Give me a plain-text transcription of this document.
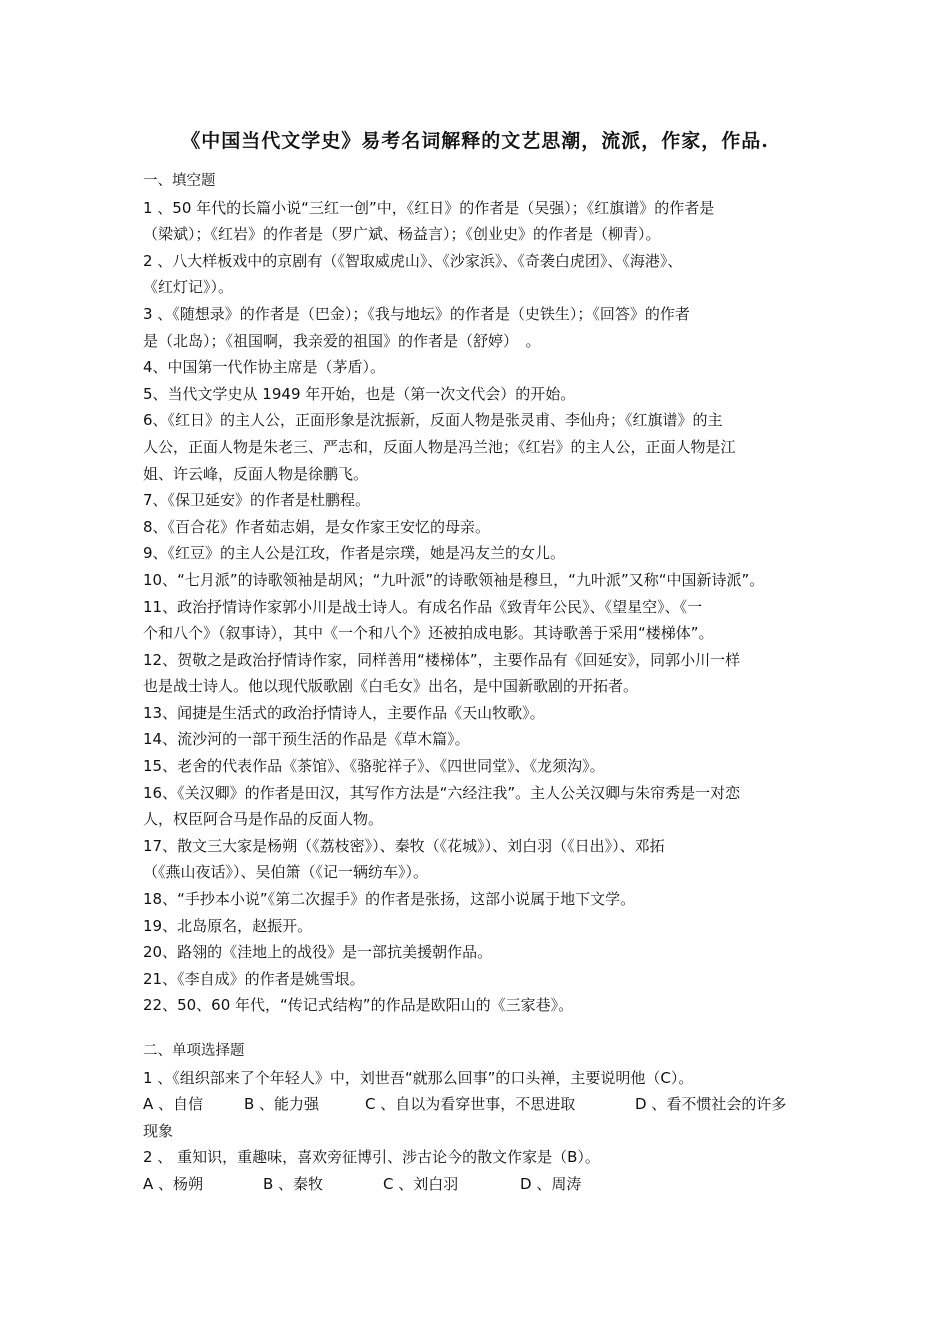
《中国当代文学史》易考名词解释的文艺思潮，流派，作家，作品.
一、填空题
1 、50 年代的长篇小说“三红一创”中，《红日》的作者是（吴强）；《红旗谱》的作者是
（梁斌）；《红岩》的作者是（罗广斌、杨益言）；《创业史》的作者是（柳青）。
2 、八大样板戏中的京剧有（《智取威虎山》、《沙家浜》、《奇袭白虎团》、《海港》、
《红灯记》）。
3 、《随想录》的作者是（巴金）；《我与地坛》的作者是（史铁生）；《回答》的作者
是（北岛）；《祖国啊，我亲爱的祖国》的作者是（舒婷）　。
4、中国第一代作协主席是（茅盾）。
5、当代文学史从 1949 年开始，也是（第一次文代会）的开始。
6、《红日》的主人公，正面形象是沈振新，反面人物是张灵甫、李仙舟；《红旗谱》的主
人公，正面人物是朱老三、严志和，反面人物是冯兰池；《红岩》的主人公，正面人物是江
姐、许云峰，反面人物是徐鹏飞。
7、《保卫延安》的作者是杜鹏程。
8、《百合花》作者茹志娟，是女作家王安忆的母亲。
9、《红豆》的主人公是江玫，作者是宗璞，她是冯友兰的女儿。
10、“七月派”的诗歌领袖是胡风；“九叶派”的诗歌领袖是穆旦，“九叶派”又称“中国新诗派”。
11、政治抒情诗作家郭小川是战士诗人。有成名作品《致青年公民》、《望星空》、《一
个和八个》（叙事诗），其中《一个和八个》还被拍成电影。其诗歌善于采用“楼梯体”。
12、贺敬之是政治抒情诗作家，同样善用“楼梯体”，主要作品有《回延安》，同郭小川一样
也是战士诗人。他以现代版歌剧《白毛女》出名，是中国新歌剧的开拓者。
13、闻捷是生活式的政治抒情诗人，主要作品《天山牧歌》。
14、流沙河的一部干预生活的作品是《草木篇》。
15、老舍的代表作品《茶馆》、《骆驼祥子》、《四世同堂》、《龙须沟》。
16、《关汉卿》的作者是田汉，其写作方法是“六经注我”。主人公关汉卿与朱帘秀是一对恋
人，权臣阿合马是作品的反面人物。
17、散文三大家是杨朔（《荔枝密》）、秦牧（《花城》）、刘白羽（《日出》）、邓拓
（《燕山夜话》）、吴伯箫（《记一辆纺车》）。
18、“手抄本小说”《第二次握手》的作者是张扬，这部小说属于地下文学。
19、北岛原名，赵振开。
20、路翎的《洼地上的战役》是一部抗美援朝作品。
21、《李自成》的作者是姚雪垠。
22、50、60 年代，“传记式结构”的作品是欧阳山的《三家巷》。
二、单项选择题
1 、《组织部来了个年轻人》中，刘世吾“就那么回事”的口头禅，主要说明他（C）。
A 、自信	B 、能力强	C 、自以为看穿世事，不思进取	D 、看不惯社会的许多
现象
2 、 重知识，重趣味，喜欢旁征博引、涉古论今的散文作家是（B）。
A 、杨朔	B 、秦牧	C 、刘白羽	D 、周涛
